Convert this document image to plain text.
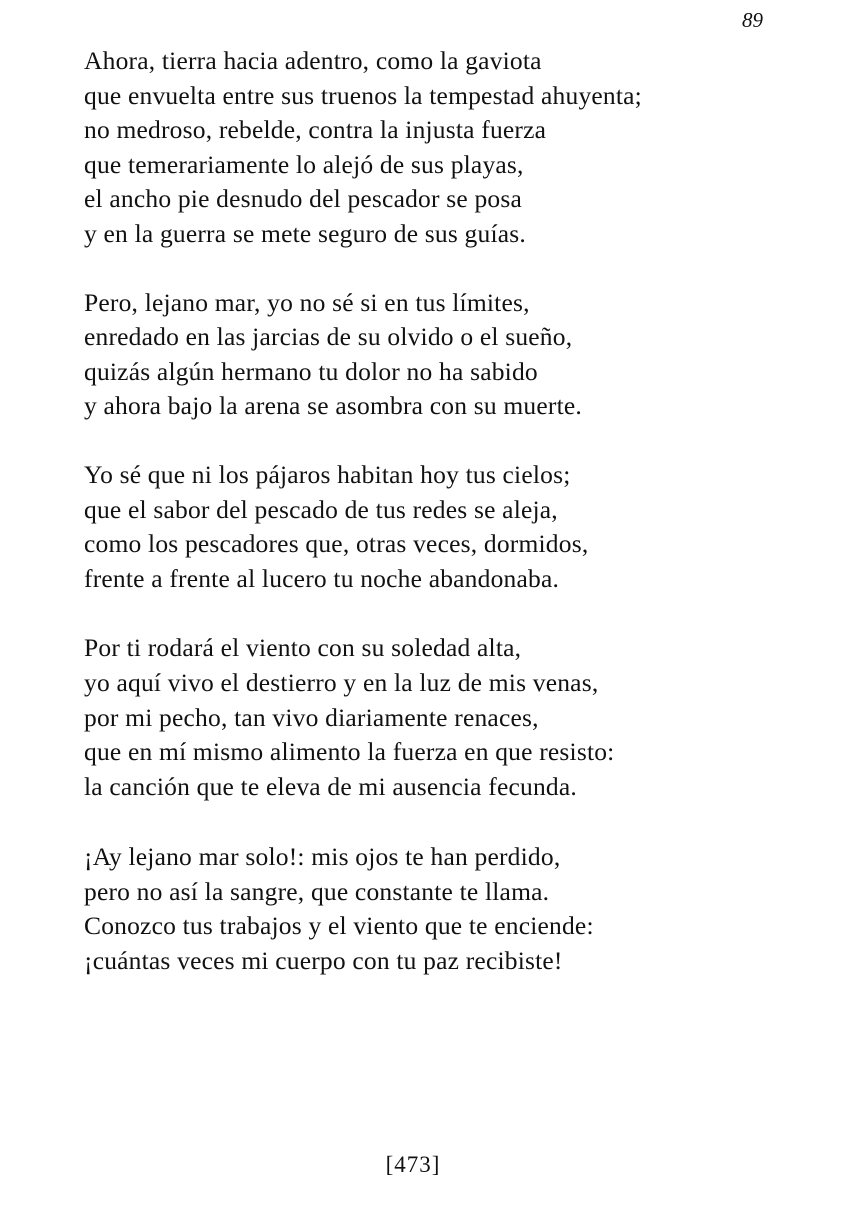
89
Ahora, tierra hacia adentro, como la gaviota
que envuelta entre sus truenos la tempestad ahuyenta;
no medroso, rebelde, contra la injusta fuerza
que temerariamente lo alejó de sus playas,
el ancho pie desnudo del pescador se posa
y en la guerra se mete seguro de sus guías.
Pero, lejano mar, yo no sé si en tus límites,
enredado en las jarcias de su olvido o el sueño,
quizás algún hermano tu dolor no ha sabido
y ahora bajo la arena se asombra con su muerte.
Yo sé que ni los pájaros habitan hoy tus cielos;
que el sabor del pescado de tus redes se aleja,
como los pescadores que, otras veces, dormidos,
frente a frente al lucero tu noche abandonaba.
Por ti rodará el viento con su soledad alta,
yo aquí vivo el destierro y en la luz de mis venas,
por mi pecho, tan vivo diariamente renaces,
que en mí mismo alimento la fuerza en que resisto:
la canción que te eleva de mi ausencia fecunda.
¡Ay lejano mar solo!: mis ojos te han perdido,
pero no así la sangre, que constante te llama.
Conozco tus trabajos y el viento que te enciende:
¡cuántas veces mi cuerpo con tu paz recibiste!
[473]
